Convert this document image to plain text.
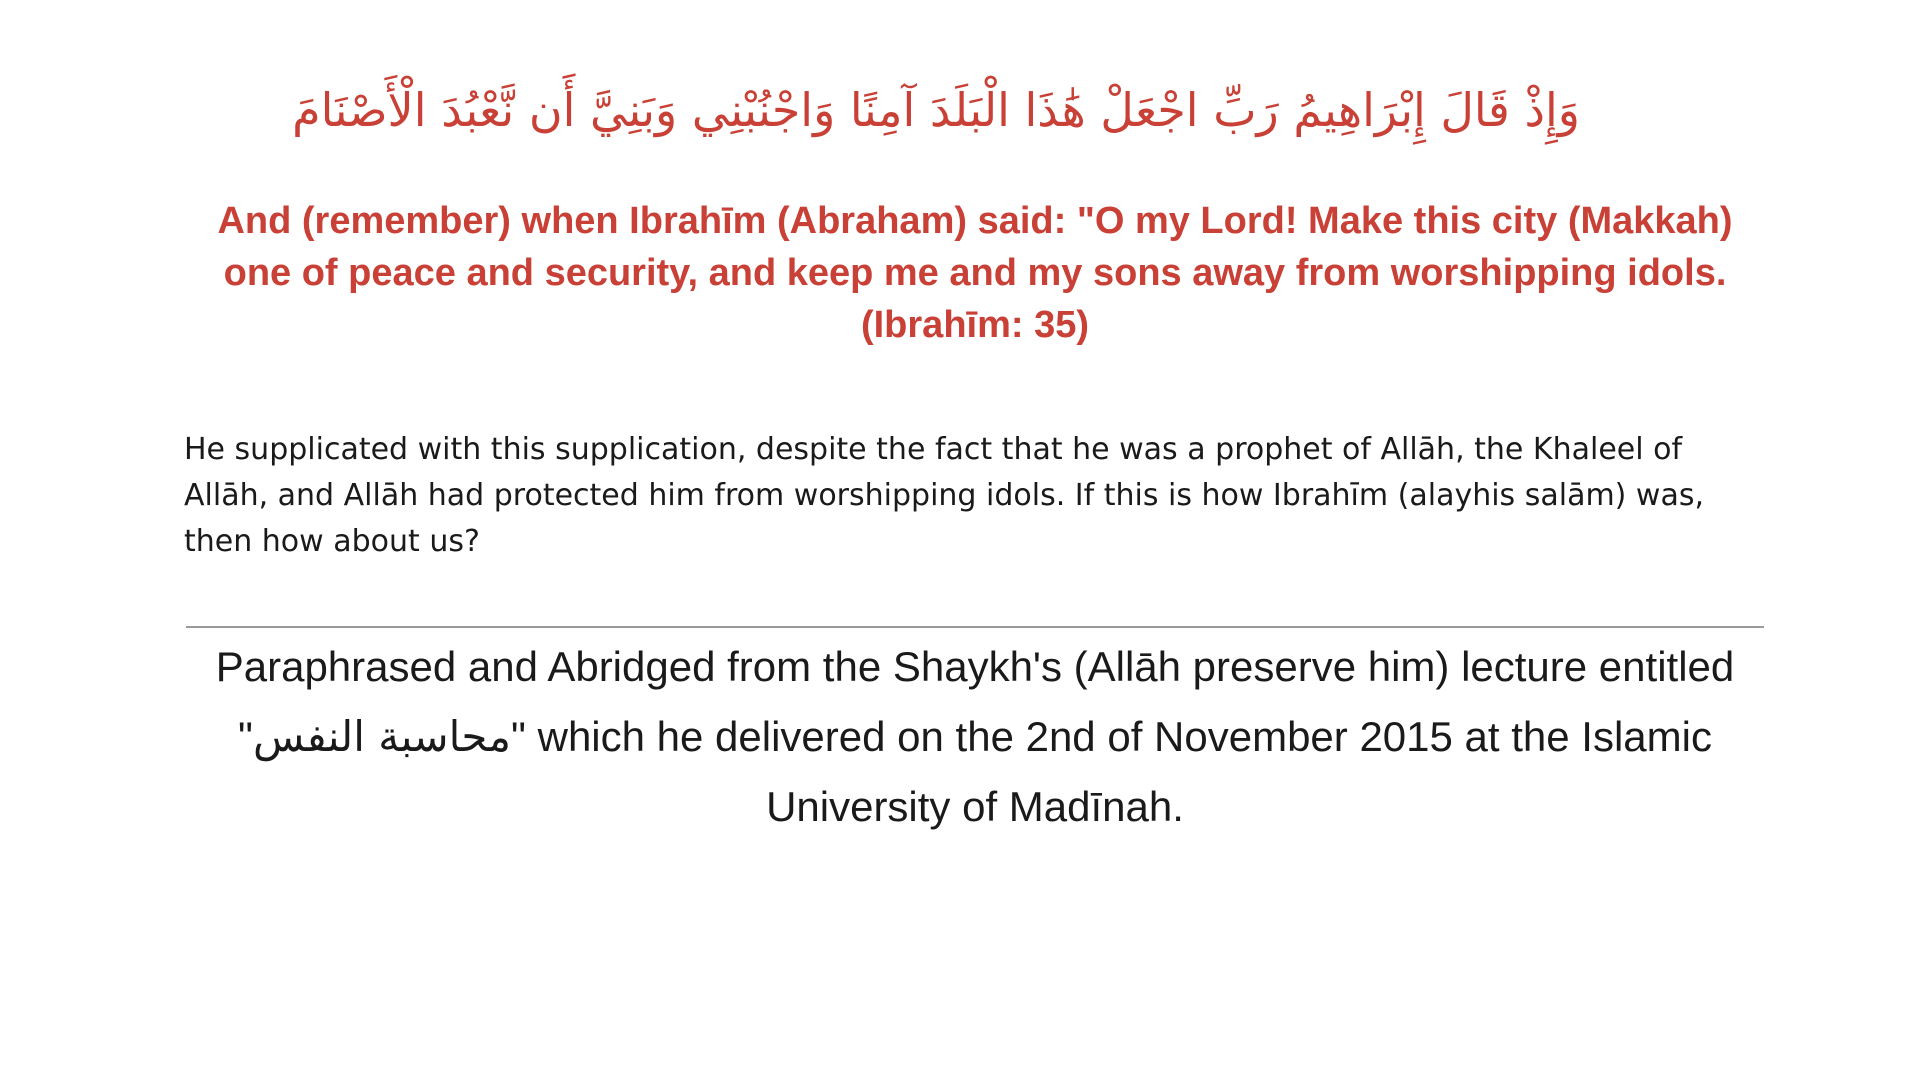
وَإِذْ قَالَ إِبْرَاهِيمُ رَبِّ اجْعَلْ هَٰذَا الْبَلَدَ آمِنًا وَاجْنُبْنِي وَبَنِيَّ أَن نَّعْبُدَ الْأَصْنَامَ
And (remember) when Ibrahīm (Abraham) said: "O my Lord! Make this city (Makkah) one of peace and security, and keep me and my sons away from worshipping idols. (Ibrahīm: 35)
He supplicated with this supplication, despite the fact that he was a prophet of Allāh, the Khaleel of Allāh, and Allāh had protected him from worshipping idols. If this is how Ibrahīm (alayhis salām) was, then how about us?
Paraphrased and Abridged from the Shaykh's (Allāh preserve him) lecture entitled "محاسبة النفس" which he delivered on the 2nd of November 2015 at the Islamic University of Madīnah.
